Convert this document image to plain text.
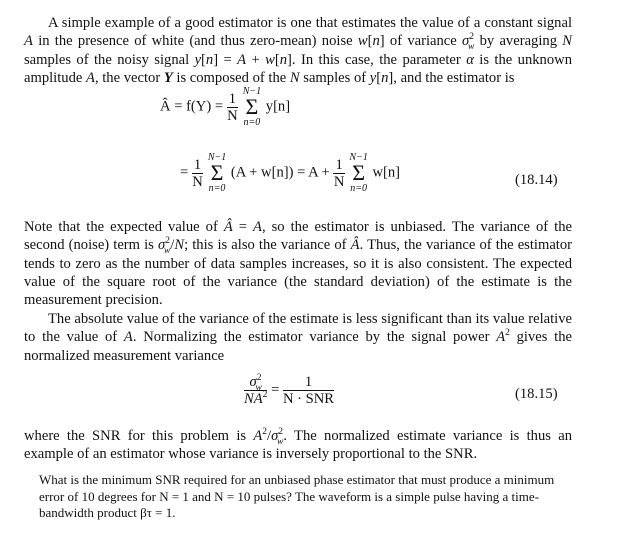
A simple example of a good estimator is one that estimates the value of a constant signal A in the presence of white (and thus zero-mean) noise w[n] of variance $\sigma^2_w$ by averaging N samples of the noisy signal y[n] = A + w[n]. In this case, the parameter α is the unknown amplitude A, the vector Y is composed of the N samples of y[n], and the estimator is

Â = $f(Y) = \frac{1}{N}$
N−1
Σ
n=0
y[n]
= $\frac{1}{N}$
N−1
Σ
n=0
$(A + w[n]) = A + \frac{1}{N}$
N−1
Σ
n=0
w[n]	(18.14)

Note that the expected value of Â = A, so the estimator is unbiased. The variance of the second (noise) term is $\sigma^2_w/N$; this is also the variance of Â. Thus, the variance of the estimator tends to zero as the number of data samples increases, so it is also consistent. The expected value of the square root of the variance (the standard deviation) of the estimate is the measurement precision.

The absolute value of the variance of the estimate is less significant than its value relative to the value of A. Normalizing the estimator variance by the signal power $A^2$ gives the normalized measurement variance

$\frac{\sigma^2_w}{NA^2} = \frac{1}{\text{N · SNR}}$	(18.15)

where the SNR for this problem is $A^2/\sigma^2_w$. The normalized estimate variance is thus an example of an estimator whose variance is inversely proportional to the SNR.

What is the minimum SNR required for an unbiased phase estimator that must produce a minimum error of 10 degrees for N = 1 and N = 10 pulses? The waveform is a simple pulse having a time-bandwidth product βτ = 1.
